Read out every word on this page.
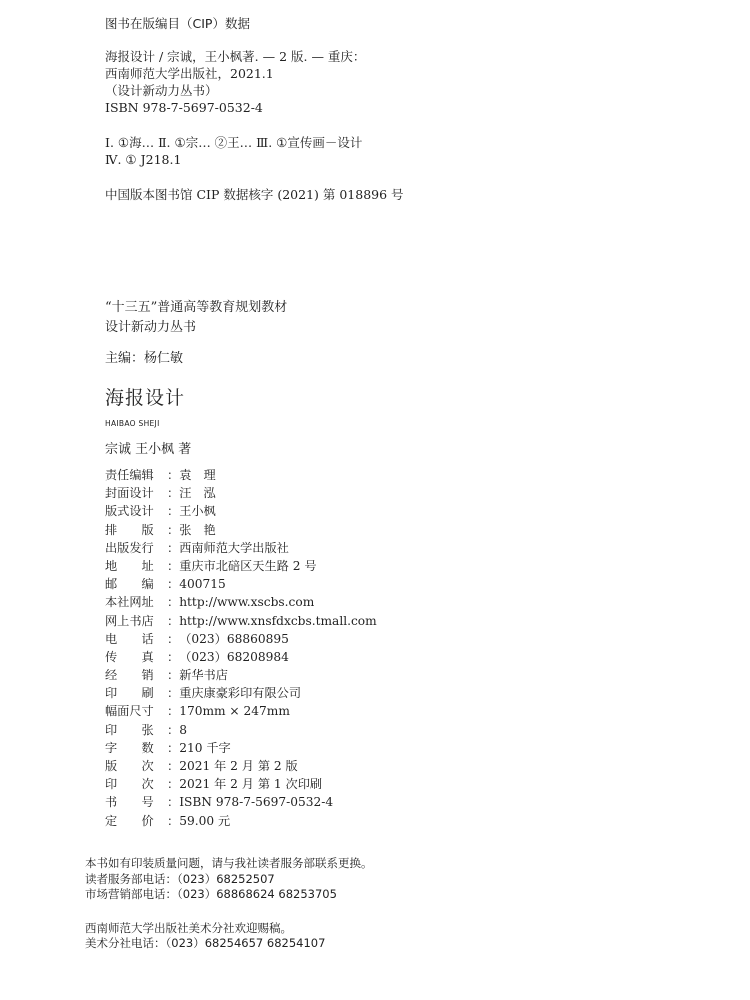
图书在版编目（CIP）数据

海报设计 / 宗诚，王小枫著. — 2 版. — 重庆：

西南师范大学出版社，2021.1

（设计新动力丛书）

ISBN 978-7-5697-0532-4

Ⅰ. ①海… Ⅱ. ①宗… ②王… Ⅲ. ①宣传画－设计

Ⅳ. ① J218.1

中国版本图书馆 CIP 数据核字 (2021) 第 018896 号

“十三五”普通高等教育规划教材

设计新动力丛书

主编：杨仁敏
海报设计
HAIBAO SHEJI
宗诚 王小枫 著
责任编辑	： 袁　理
封面设计	： 汪　泓
版式设计	： 王小枫
排　　版	： 张　艳
出版发行	： 西南师范大学出版社
地　　址	： 重庆市北碚区天生路 2 号
邮　　编	： 400715
本社网址	： http://www.xscbs.com
网上书店	： http://www.xnsfdxcbs.tmall.com
电　　话	： （023）68860895
传　　真	： （023）68208984
经　　销	： 新华书店
印　　刷	： 重庆康豪彩印有限公司
幅面尺寸	： 170mm × 247mm
印　　张	： 8
字　　数	： 210 千字
版　　次	： 2021 年 2 月 第 2 版
印　　次	： 2021 年 2 月 第 1 次印刷
书　　号	： ISBN 978-7-5697-0532-4
定　　价	： 59.00 元

本书如有印装质量问题，请与我社读者服务部联系更换。

读者服务部电话：（023）68252507

市场营销部电话：（023）68868624 68253705

西南师范大学出版社美术分社欢迎赐稿。

美术分社电话：（023）68254657 68254107
